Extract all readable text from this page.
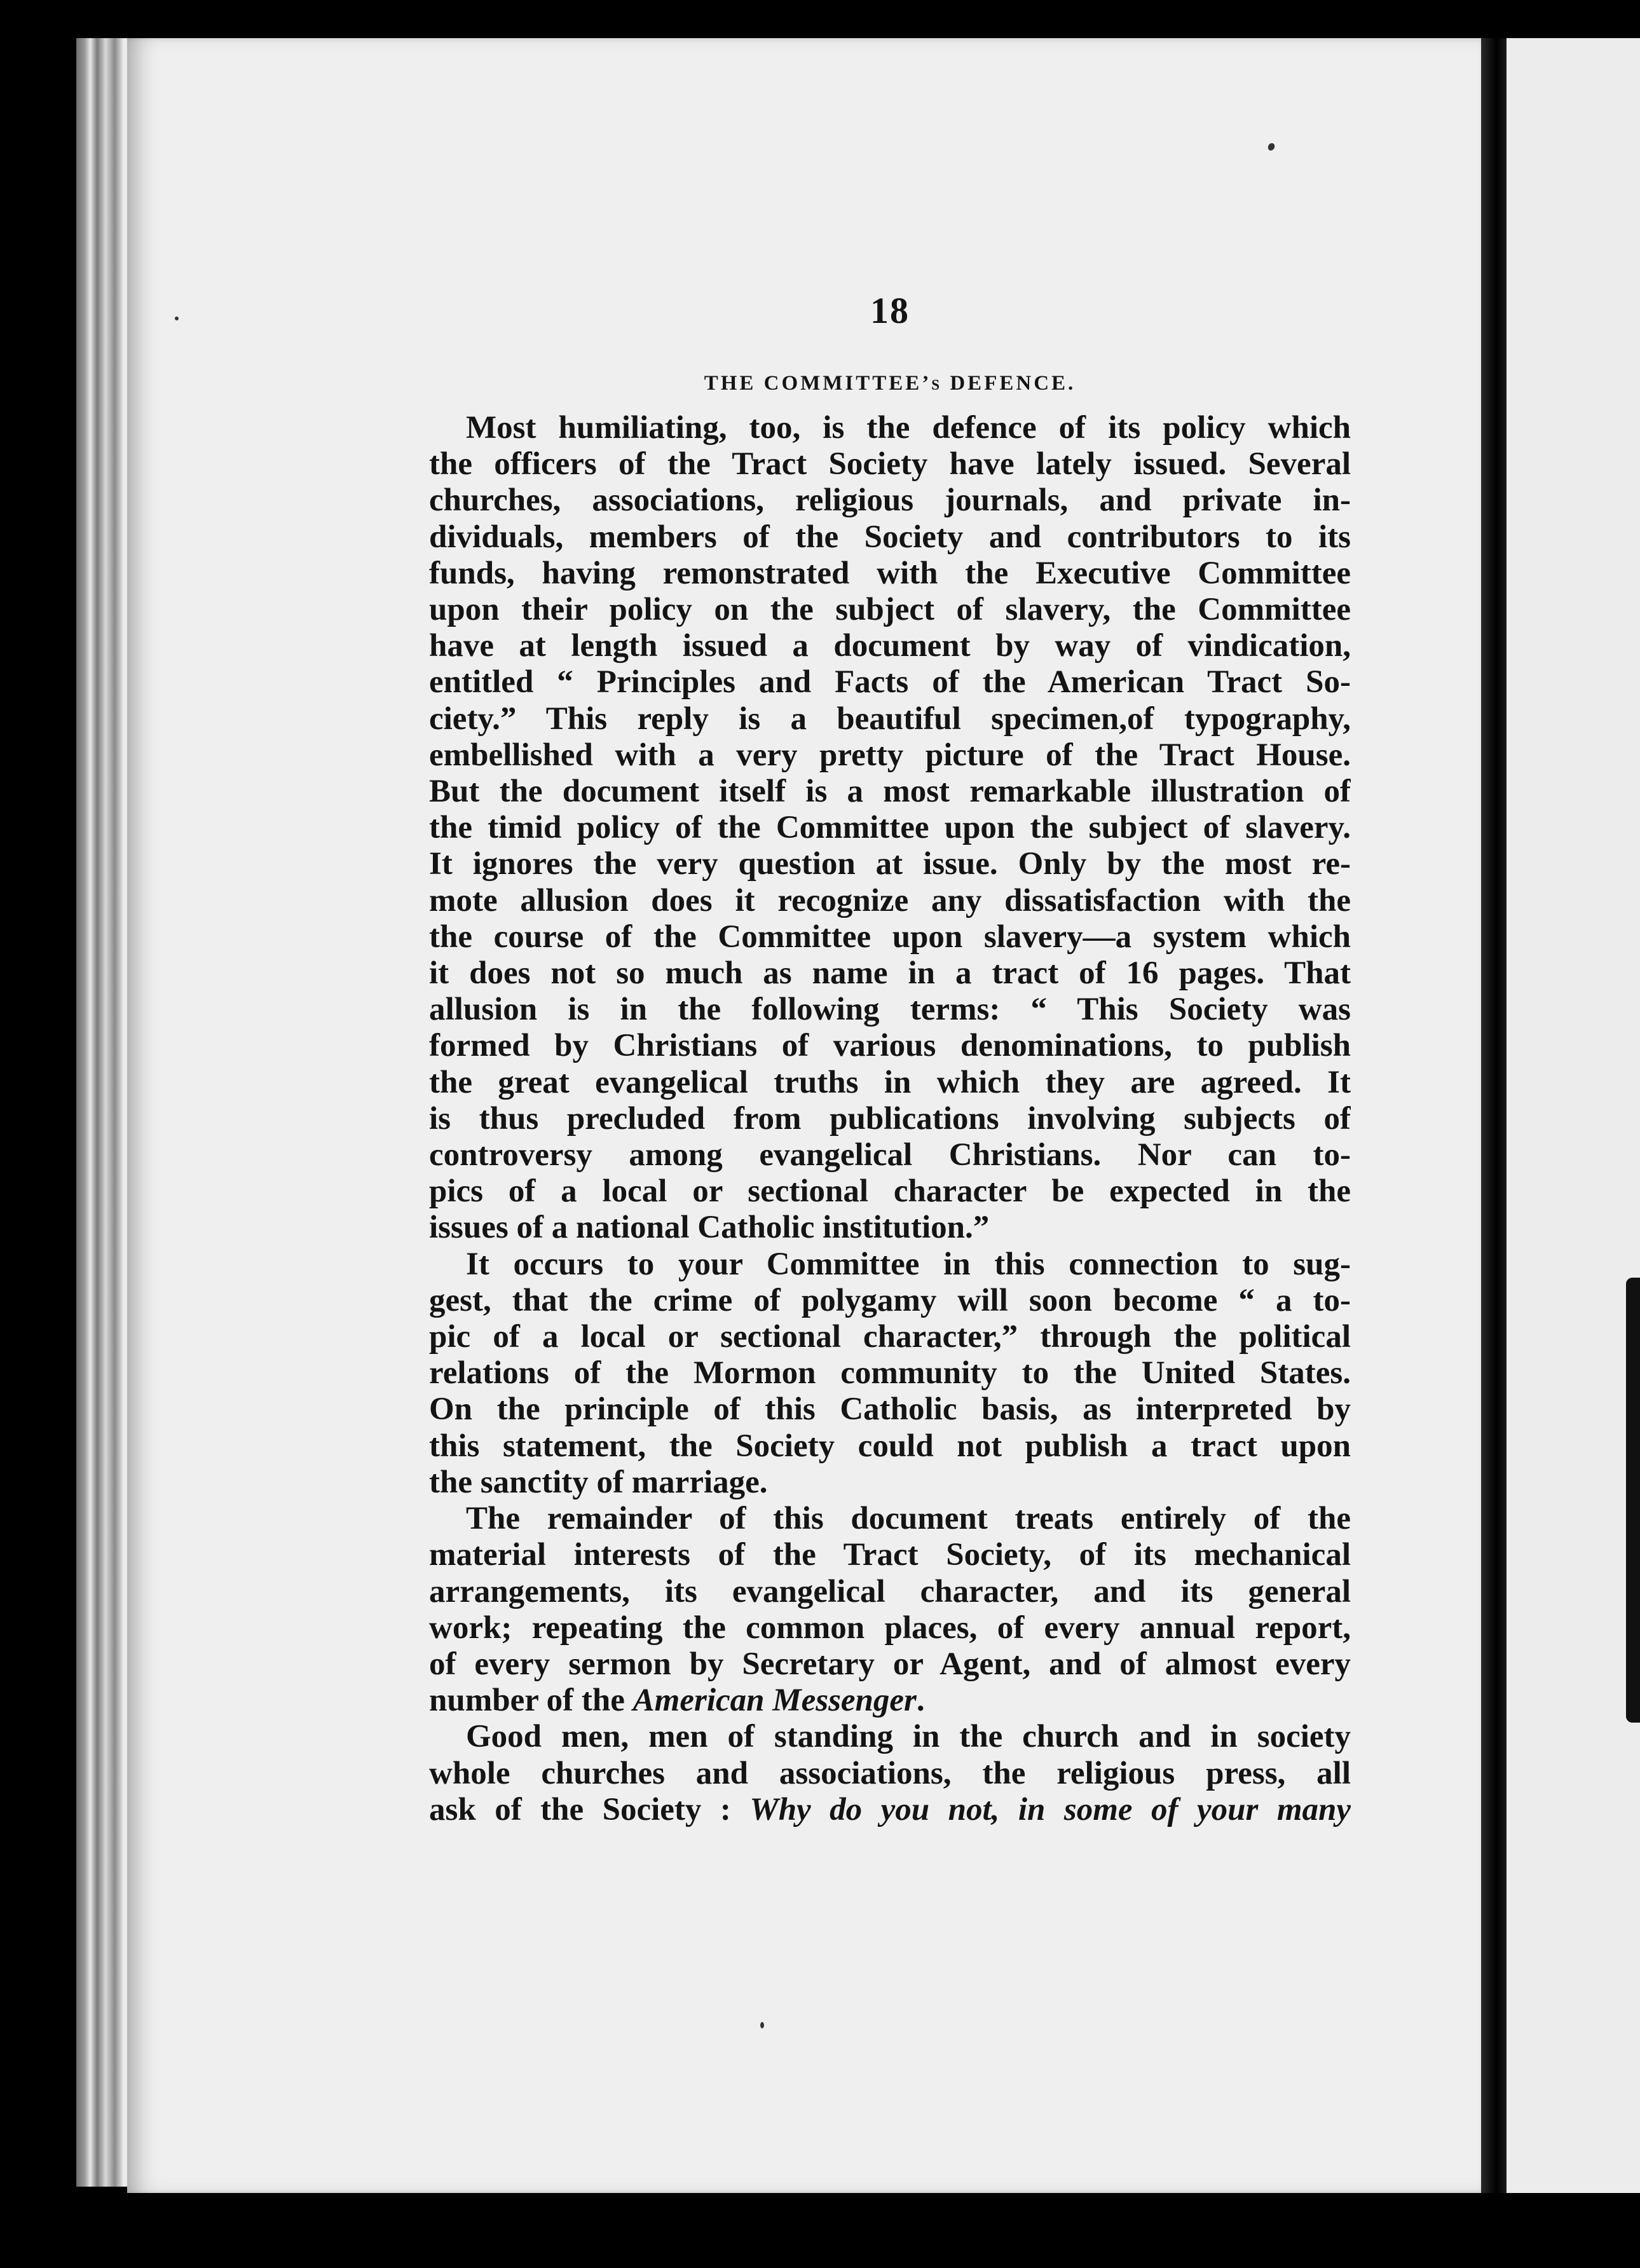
18
THE COMMITTEE’s DEFENCE.
Most humiliating, too, is the defence of its policy which
the officers of the Tract Society have lately issued. Several
churches, associations, religious journals, and private in-
dividuals, members of the Society and contributors to its
funds, having remonstrated with the Executive Committee
upon their policy on the subject of slavery, the Committee
have at length issued a document by way of vindication,
entitled “ Principles and Facts of the American Tract So-
ciety.” This reply is a beautiful specimen,of typography,
embellished with a very pretty picture of the Tract House.
But the document itself is a most remarkable illustration of
the timid policy of the Committee upon the subject of slavery.
It ignores the very question at issue. Only by the most re-
mote allusion does it recognize any dissatisfaction with the
the course of the Committee upon slavery—a system which
it does not so much as name in a tract of 16 pages. That
allusion is in the following terms: “ This Society was
formed by Christians of various denominations, to publish
the great evangelical truths in which they are agreed. It
is thus precluded from publications involving subjects of
controversy among evangelical Christians. Nor can to-
pics of a local or sectional character be expected in the
issues of a national Catholic institution.”
It occurs to your Committee in this connection to sug-
gest, that the crime of polygamy will soon become “ a to-
pic of a local or sectional character,” through the political
relations of the Mormon community to the United States.
On the principle of this Catholic basis, as interpreted by
this statement, the Society could not publish a tract upon
the sanctity of marriage.
The remainder of this document treats entirely of the
material interests of the Tract Society, of its mechanical
arrangements, its evangelical character, and its general
work; repeating the common places, of every annual report,
of every sermon by Secretary or Agent, and of almost every
number of the American Messenger.
Good men, men of standing in the church and in society
whole churches and associations, the religious press, all
ask of the Society : Why do you not, in some of your many
